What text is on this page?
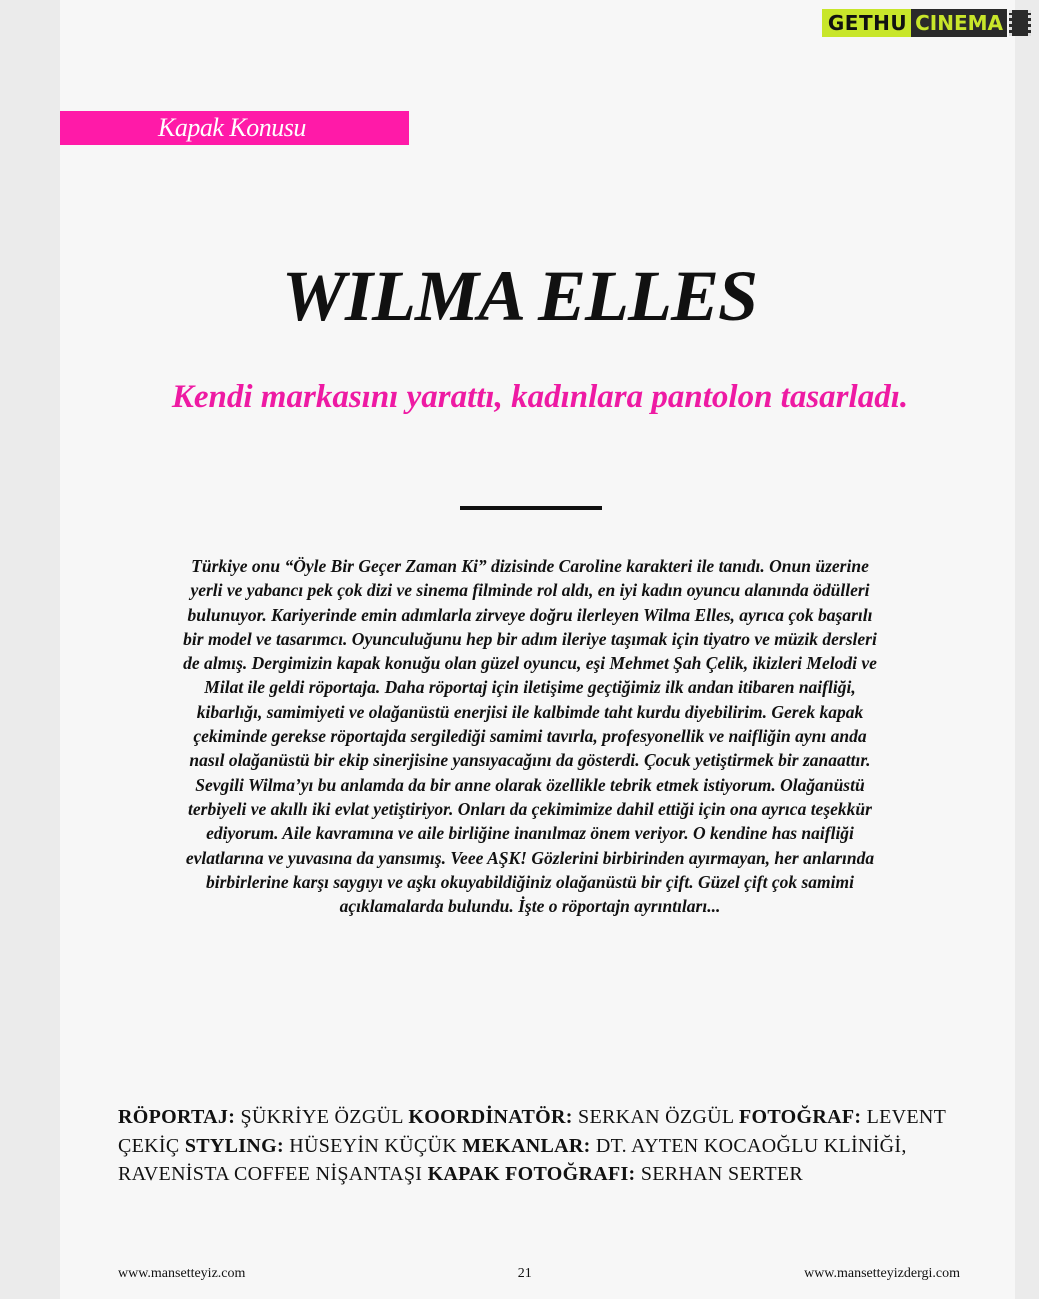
GETHU CINEMA
Kapak Konusu
WILMA ELLES

Kendi markasını yarattı, kadınlara pantolon tasarladı.

Türkiye onu “Öyle Bir Geçer Zaman Ki” dizisinde Caroline karakteri ile tanıdı. Onun üzerine yerli ve yabancı pek çok dizi ve sinema filminde rol aldı, en iyi kadın oyuncu alanında ödülleri bulunuyor. Kariyerinde emin adımlarla zirveye doğru ilerleyen Wilma Elles, ayrıca çok başarılı bir model ve tasarımcı. Oyunculuğunu hep bir adım ileriye taşımak için tiyatro ve müzik dersleri de almış. Dergimizin kapak konuğu olan güzel oyuncu, eşi Mehmet Şah Çelik, ikizleri Melodi ve Milat ile geldi röportaja. Daha röportaj için iletişime geçtiğimiz ilk andan itibaren naifliği, kibarlığı, samimiyeti ve olağanüstü enerjisi ile kalbimde taht kurdu diyebilirim. Gerek kapak çekiminde gerekse röportajda sergilediği samimi tavırla, profesyonellik ve naifliğin aynı anda nasıl olağanüstü bir ekip sinerjisine yansıyacağını da gösterdi. Çocuk yetiştirmek bir zanaattır. Sevgili Wilma’yı bu anlamda da bir anne olarak özellikle tebrik etmek istiyorum. Olağanüstü terbiyeli ve akıllı iki evlat yetiştiriyor. Onları da çekimimize dahil ettiği için ona ayrıca teşekkür ediyorum. Aile kavramına ve aile birliğine inanılmaz önem veriyor. O kendine has naifliği evlatlarına ve yuvasına da yansımış. Veee AŞK! Gözlerini birbirinden ayırmayan, her anlarında birbirlerine karşı saygıyı ve aşkı okuyabildiğiniz olağanüstü bir çift. Güzel çift çok samimi açıklamalarda bulundu. İşte o röportajn ayrıntıları...

RÖPORTAJ: ŞÜKRİYE ÖZGÜL KOORDİNATÖR: SERKAN ÖZGÜL FOTOĞRAF: LEVENT ÇEKİÇ STYLING: HÜSEYİN KÜÇÜK MEKANLAR: DT. AYTEN KOCAOĞLU KLİNİĞİ, RAVENİSTA COFFEE NİŞANTAŞI KAPAK FOTOĞRAFI: SERHAN SERTER

www.mansetteyiz.com	21	www.mansetteyizdergi.com
